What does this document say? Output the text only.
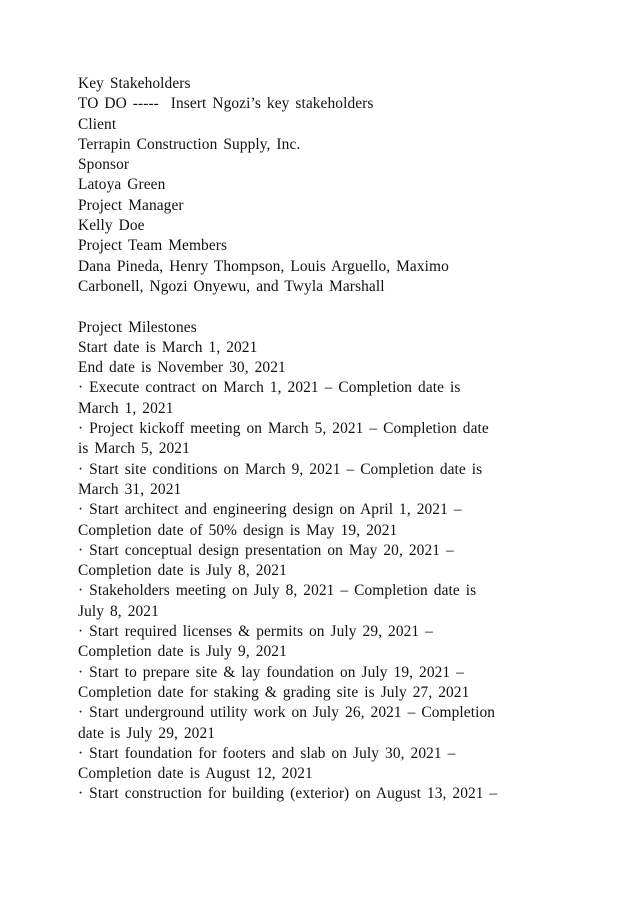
Key Stakeholders
TO DO -----  Insert Ngozi’s key stakeholders
Client
Terrapin Construction Supply, Inc.
Sponsor
Latoya Green
Project Manager
Kelly Doe
Project Team Members
Dana Pineda, Henry Thompson, Louis Arguello, Maximo
Carbonell, Ngozi Onyewu, and Twyla Marshall
Project Milestones
Start date is March 1, 2021
End date is November 30, 2021
· Execute contract on March 1, 2021 – Completion date is
March 1, 2021
· Project kickoff meeting on March 5, 2021 – Completion date
is March 5, 2021
· Start site conditions on March 9, 2021 – Completion date is
March 31, 2021
· Start architect and engineering design on April 1, 2021 –
Completion date of 50% design is May 19, 2021
· Start conceptual design presentation on May 20, 2021 –
Completion date is July 8, 2021
· Stakeholders meeting on July 8, 2021 – Completion date is
July 8, 2021
· Start required licenses & permits on July 29, 2021 –
Completion date is July 9, 2021
· Start to prepare site & lay foundation on July 19, 2021 –
Completion date for staking & grading site is July 27, 2021
· Start underground utility work on July 26, 2021 – Completion
date is July 29, 2021
· Start foundation for footers and slab on July 30, 2021 –
Completion date is August 12, 2021
· Start construction for building (exterior) on August 13, 2021 –
